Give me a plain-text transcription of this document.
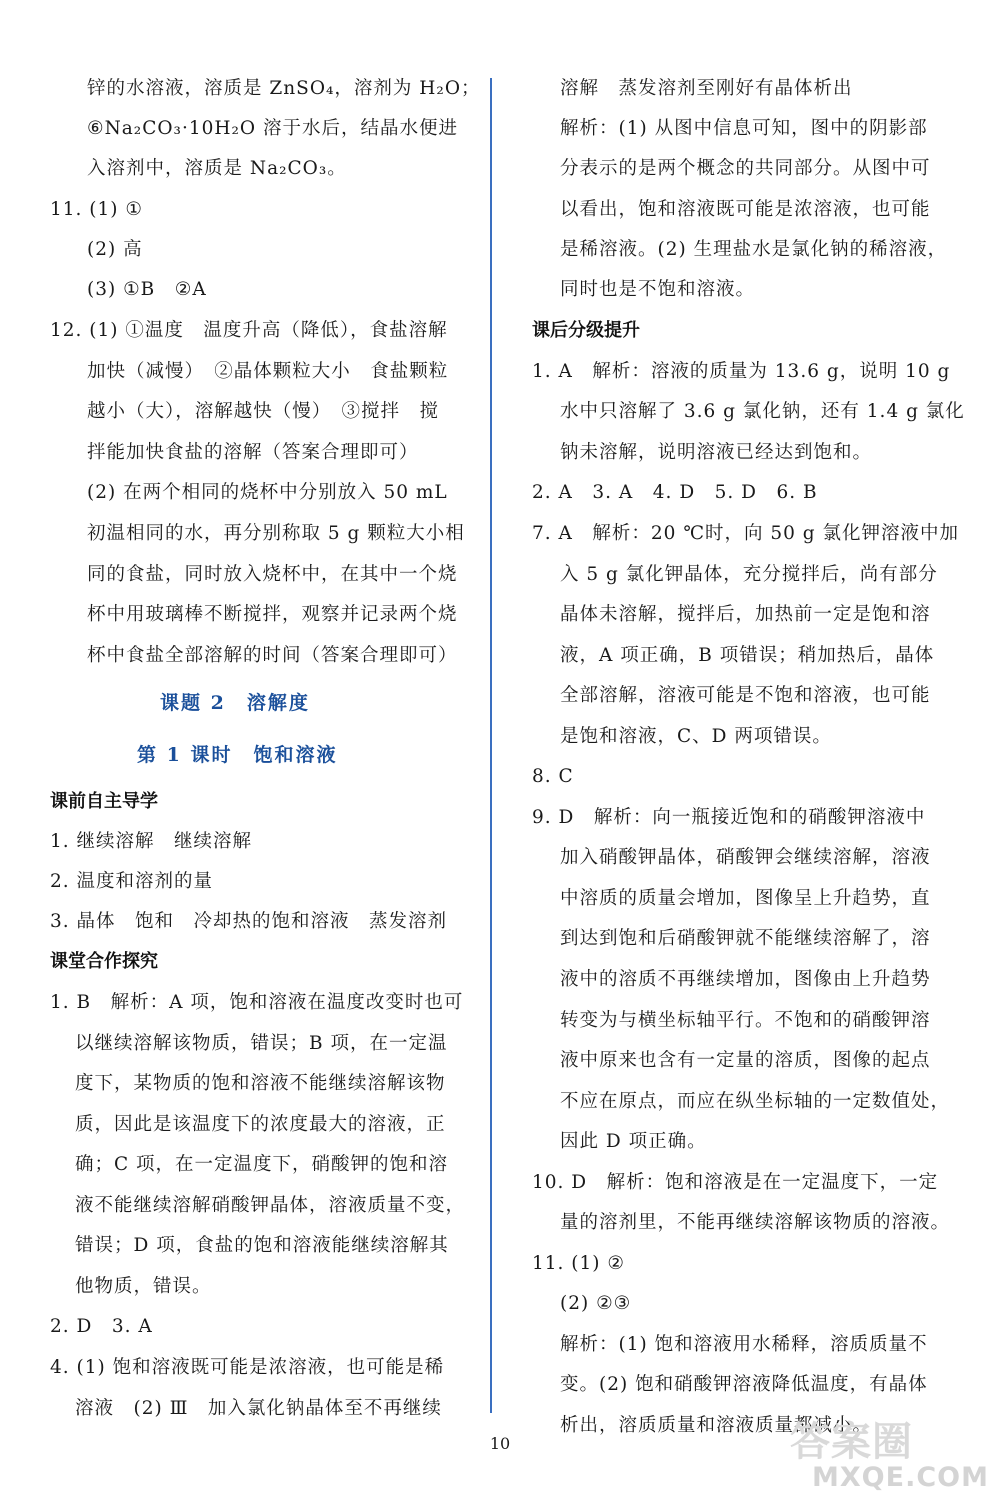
锌的水溶液，溶质是 ZnSO₄，溶剂为 H₂O；
⑥Na₂CO₃·10H₂O 溶于水后，结晶水便进
入溶剂中，溶质是 Na₂CO₃。
11. (1) ①
(2) 高
(3) ①B　②A
12. (1) ①温度　温度升高（降低），食盐溶解
加快（减慢）　②晶体颗粒大小　食盐颗粒
越小（大），溶解越快（慢）　③搅拌　搅
拌能加快食盐的溶解（答案合理即可）
(2) 在两个相同的烧杯中分别放入 50 mL
初温相同的水，再分别称取 5 g 颗粒大小相
同的食盐，同时放入烧杯中，在其中一个烧
杯中用玻璃棒不断搅拌，观察并记录两个烧
杯中食盐全部溶解的时间（答案合理即可）
课题 2　溶解度
第 1 课时　饱和溶液
课前自主导学
1. 继续溶解　继续溶解
2. 温度和溶剂的量
3. 晶体　饱和　冷却热的饱和溶液　蒸发溶剂
课堂合作探究
1. B　解析：A 项，饱和溶液在温度改变时也可
以继续溶解该物质，错误；B 项，在一定温
度下，某物质的饱和溶液不能继续溶解该物
质，因此是该温度下的浓度最大的溶液，正
确；C 项，在一定温度下，硝酸钾的饱和溶
液不能继续溶解硝酸钾晶体，溶液质量不变，
错误；D 项，食盐的饱和溶液能继续溶解其
他物质，错误。
2. D　3. A
4. (1) 饱和溶液既可能是浓溶液，也可能是稀
溶液　(2) Ⅲ　加入氯化钠晶体至不再继续
溶解　蒸发溶剂至刚好有晶体析出
解析：(1) 从图中信息可知，图中的阴影部
分表示的是两个概念的共同部分。从图中可
以看出，饱和溶液既可能是浓溶液，也可能
是稀溶液。(2) 生理盐水是氯化钠的稀溶液，
同时也是不饱和溶液。
课后分级提升
1. A　解析：溶液的质量为 13.6 g，说明 10 g
水中只溶解了 3.6 g 氯化钠，还有 1.4 g 氯化
钠未溶解，说明溶液已经达到饱和。
2. A　3. A　4. D　5. D　6. B
7. A　解析：20 ℃时，向 50 g 氯化钾溶液中加
入 5 g 氯化钾晶体，充分搅拌后，尚有部分
晶体未溶解，搅拌后，加热前一定是饱和溶
液，A 项正确，B 项错误；稍加热后，晶体
全部溶解，溶液可能是不饱和溶液，也可能
是饱和溶液，C、D 两项错误。
8. C
9. D　解析：向一瓶接近饱和的硝酸钾溶液中
加入硝酸钾晶体，硝酸钾会继续溶解，溶液
中溶质的质量会增加，图像呈上升趋势，直
到达到饱和后硝酸钾就不能继续溶解了，溶
液中的溶质不再继续增加，图像由上升趋势
转变为与横坐标轴平行。不饱和的硝酸钾溶
液中原来也含有一定量的溶质，图像的起点
不应在原点，而应在纵坐标轴的一定数值处，
因此 D 项正确。
10. D　解析：饱和溶液是在一定温度下，一定
量的溶剂里，不能再继续溶解该物质的溶液。
11. (1) ②
(2) ②③
解析：(1) 饱和溶液用水稀释，溶质质量不
变。(2) 饱和硝酸钾溶液降低温度，有晶体
析出，溶质质量和溶液质量都减小。
10	答案圈
MXQE.COM
